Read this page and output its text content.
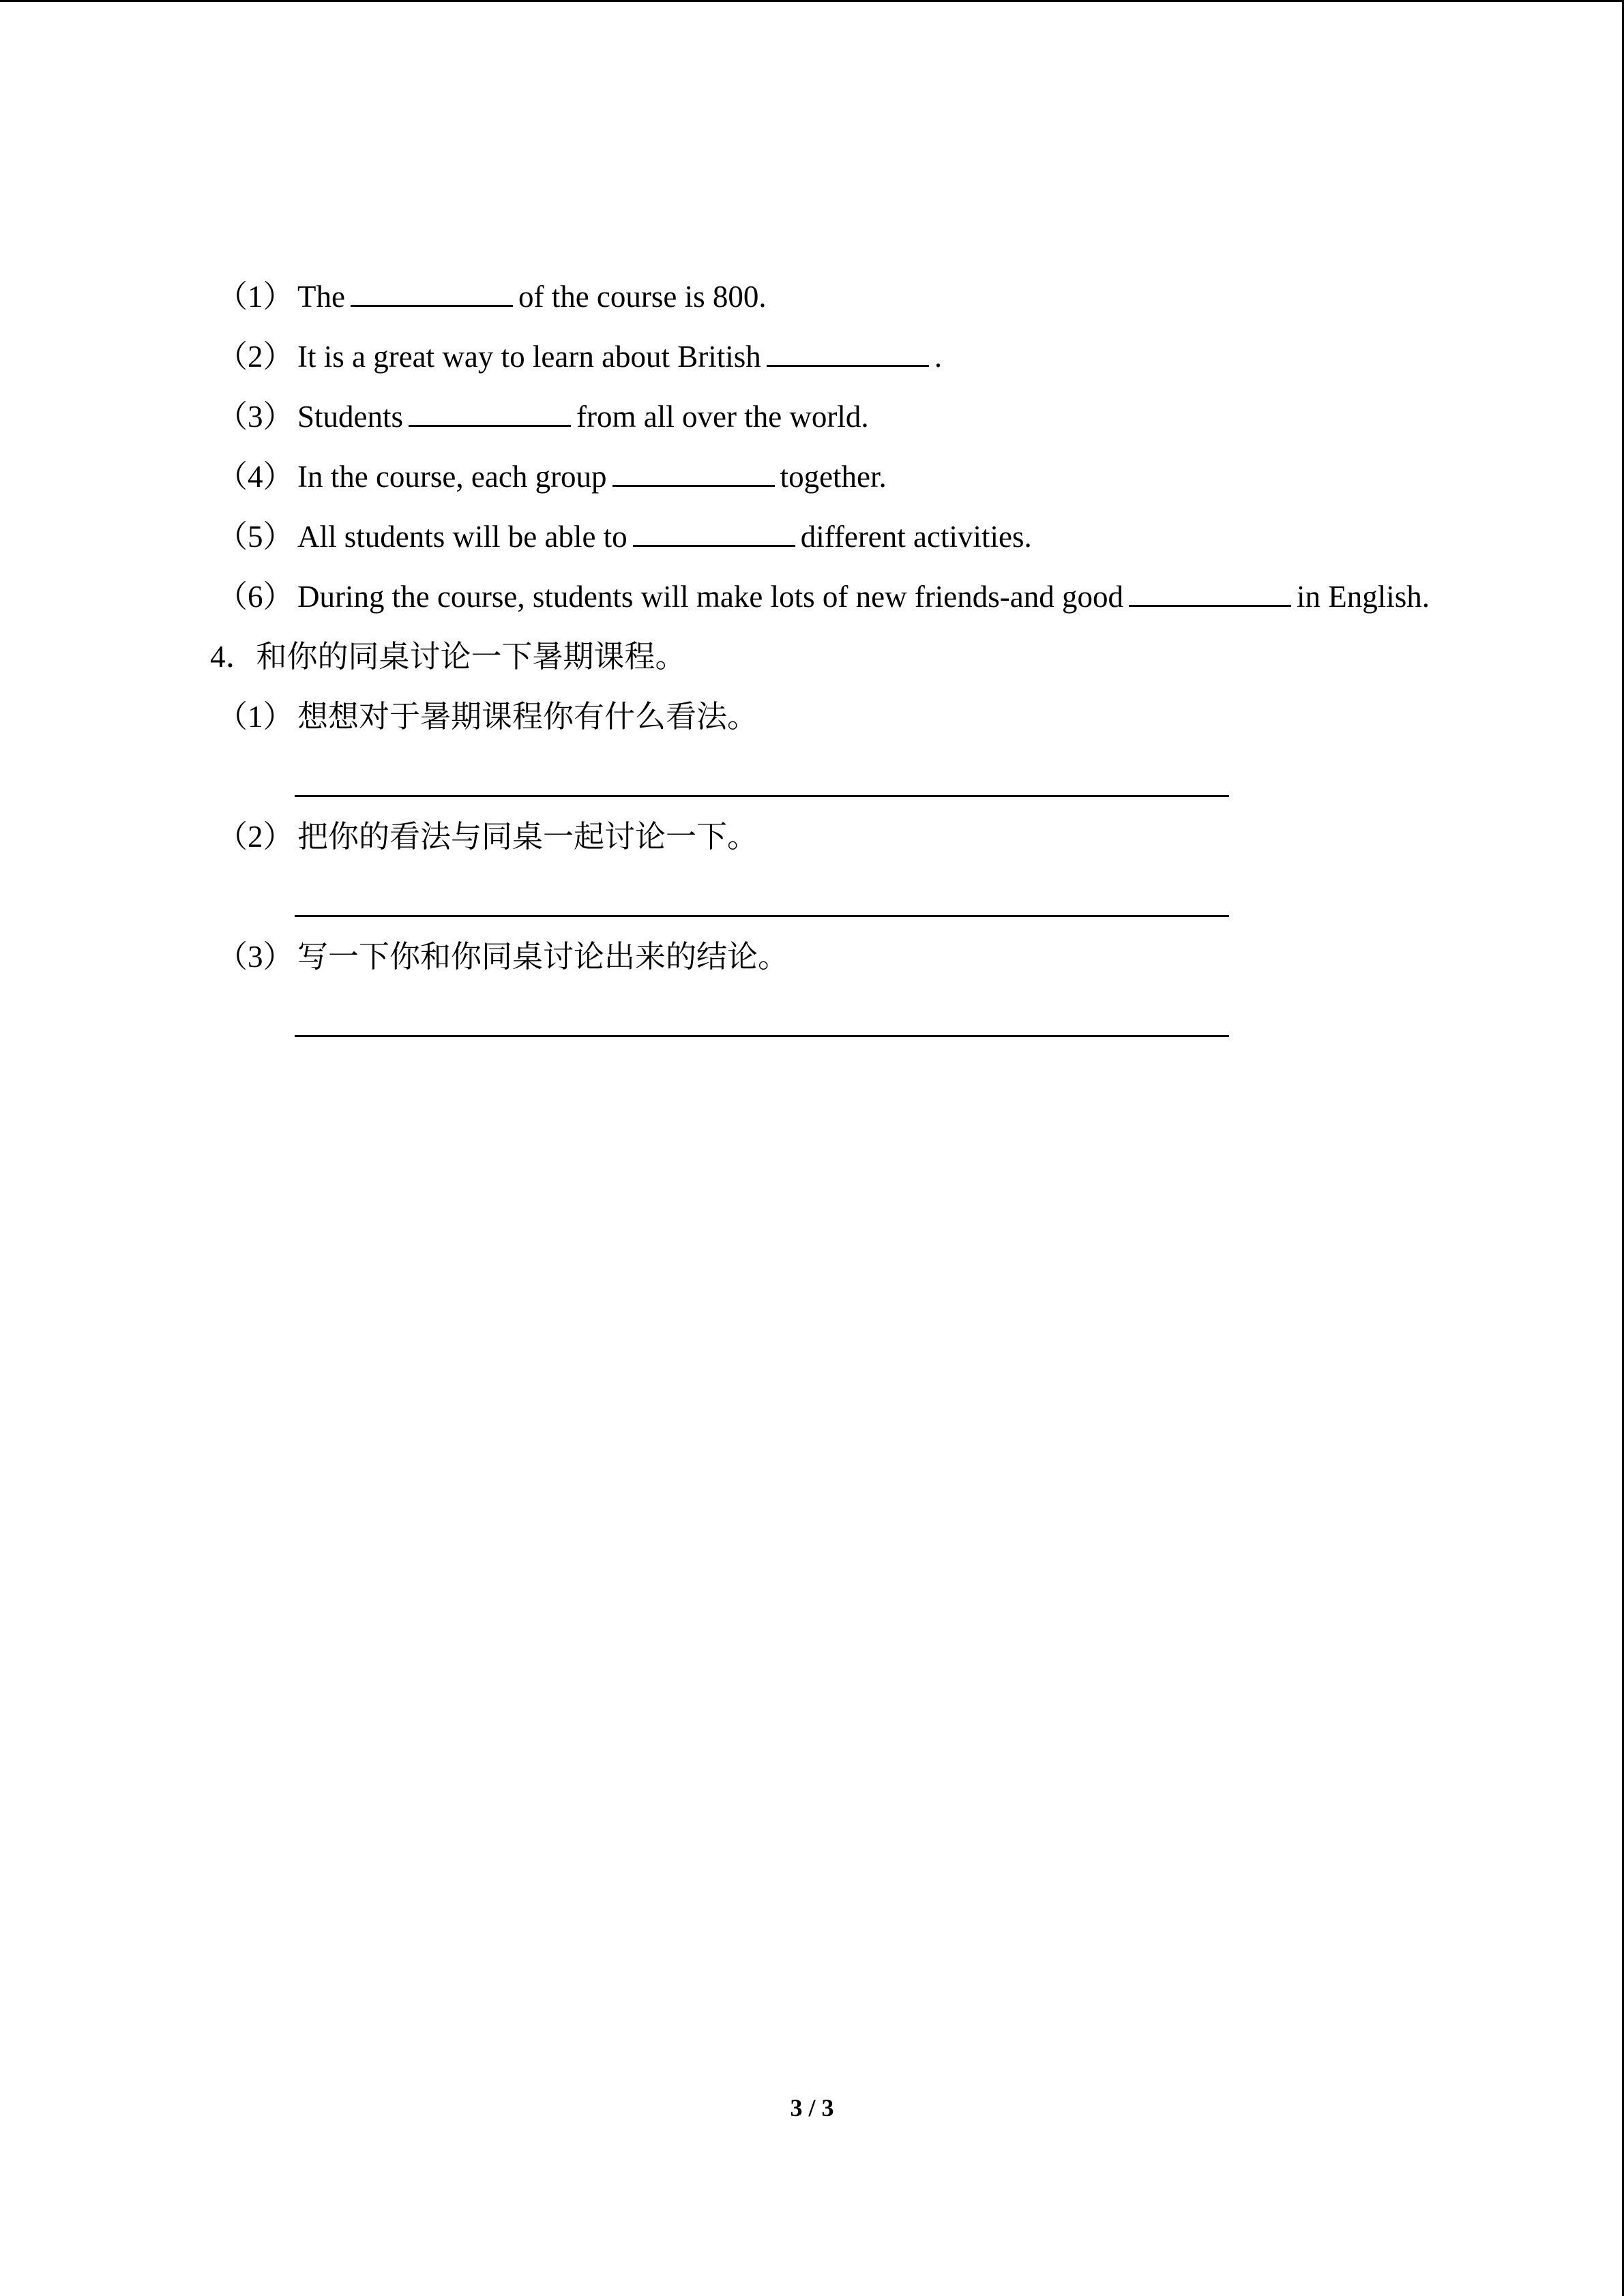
（1） The	of the course is 800.
（2） It is a great way to learn about British	.
（3） Students	from all over the world.
（4） In the course, each group	together.
（5） All students will be able to	different activities.
（6） During the course, students will make lots of new friends-and good	in English.
4．和你的同桌讨论一下暑期课程。
（1） 想想对于暑期课程你有什么看法。
（2） 把你的看法与同桌一起讨论一下。
（3） 写一下你和你同桌讨论出来的结论。
3 / 3
